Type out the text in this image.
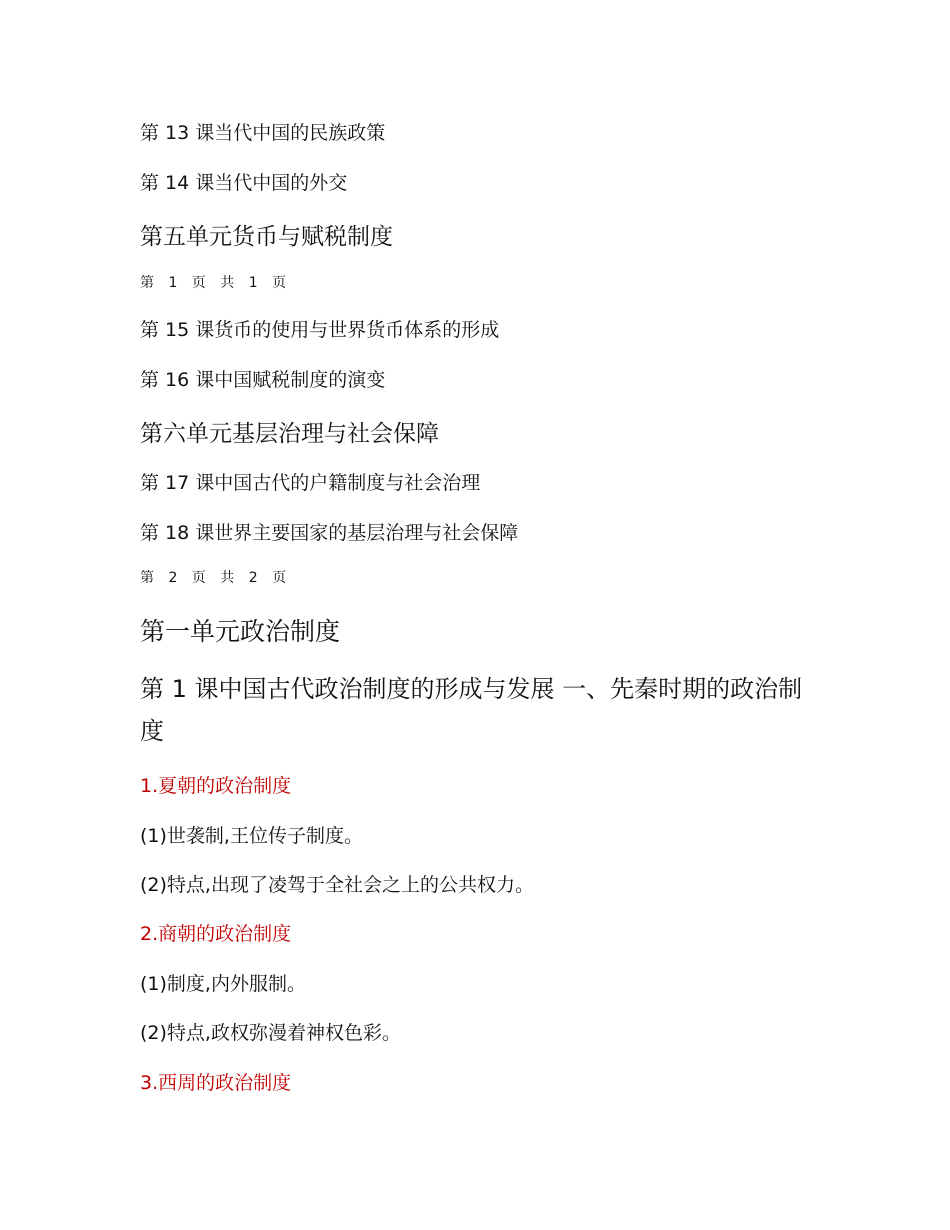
第 13 课当代中国的民族政策

第 14 课当代中国的外交

第五单元货币与赋税制度

第 1 页 共 1 页

第 15 课货币的使用与世界货币体系的形成

第 16 课中国赋税制度的演变

第六单元基层治理与社会保障

第 17 课中国古代的户籍制度与社会治理

第 18 课世界主要国家的基层治理与社会保障

第 2 页 共 2 页

第一单元政治制度
第 1 课中国古代政治制度的形成与发展 一、先秦时期的政治制度

1.夏朝的政治制度

(1)世袭制,王位传子制度。

(2)特点,出现了凌驾于全社会之上的公共权力。

2.商朝的政治制度

(1)制度,内外服制。

(2)特点,政权弥漫着神权色彩。

3.西周的政治制度
